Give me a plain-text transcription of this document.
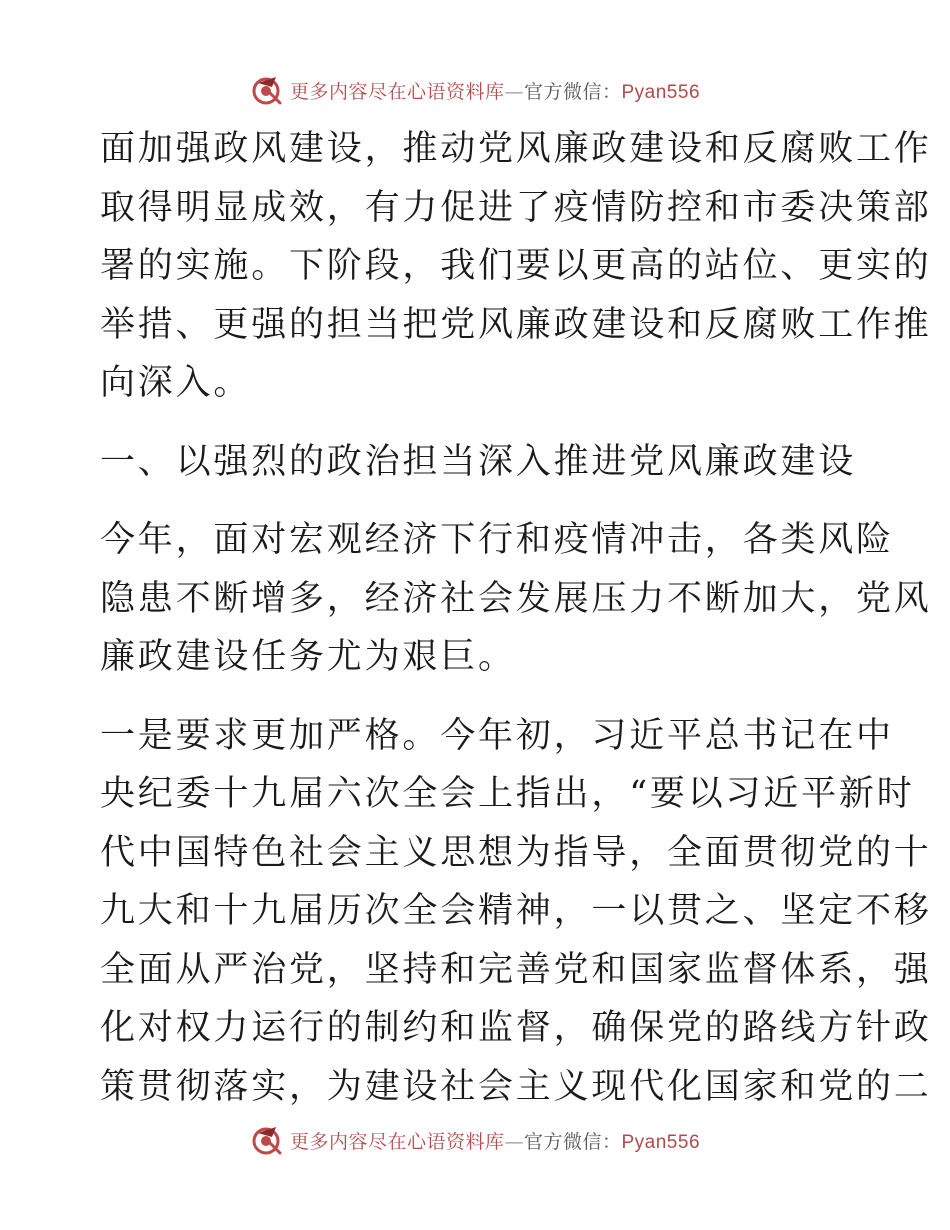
更多内容尽在心语资料库—官方微信：Pyan556
面加强政风建设，推动党风廉政建设和反腐败工作
取得明显成效，有力促进了疫情防控和市委决策部
署的实施。下阶段，我们要以更高的站位、更实的
举措、更强的担当把党风廉政建设和反腐败工作推
向深入。
一、以强烈的政治担当深入推进党风廉政建设
今年，面对宏观经济下行和疫情冲击，各类风险
隐患不断增多，经济社会发展压力不断加大，党风
廉政建设任务尤为艰巨。
一是要求更加严格。今年初，习近平总书记在中
央纪委十九届六次全会上指出，“要以习近平新时
代中国特色社会主义思想为指导，全面贯彻党的十
九大和十九届历次全会精神，一以贯之、坚定不移
全面从严治党，坚持和完善党和国家监督体系，强
化对权力运行的制约和监督，确保党的路线方针政
策贯彻落实，为建设社会主义现代化国家和党的二
更多内容尽在心语资料库—官方微信：Pyan556
